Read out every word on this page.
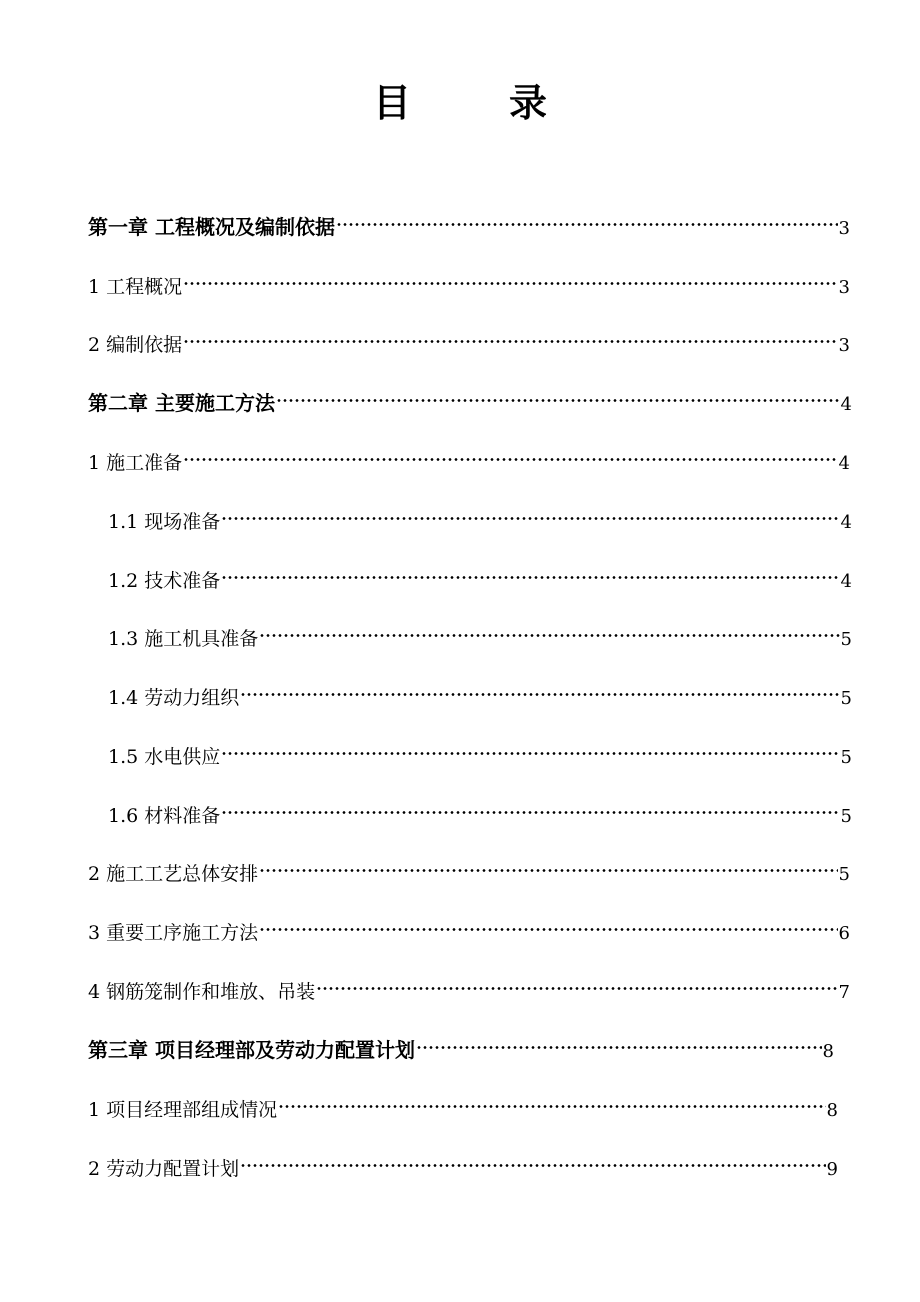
目	录
第一章 工程概况及编制依据	3
1 工程概况	3
2 编制依据	3
第二章 主要施工方法	4
1 施工准备	4
1.1 现场准备	4
1.2 技术准备	4
1.3 施工机具准备	5
1.4 劳动力组织	5
1.5 水电供应	5
1.6 材料准备	5
2 施工工艺总体安排	5
3 重要工序施工方法	6
4 钢筋笼制作和堆放、吊装	7
第三章 项目经理部及劳动力配置计划	8
1 项目经理部组成情况	8
2 劳动力配置计划	9
